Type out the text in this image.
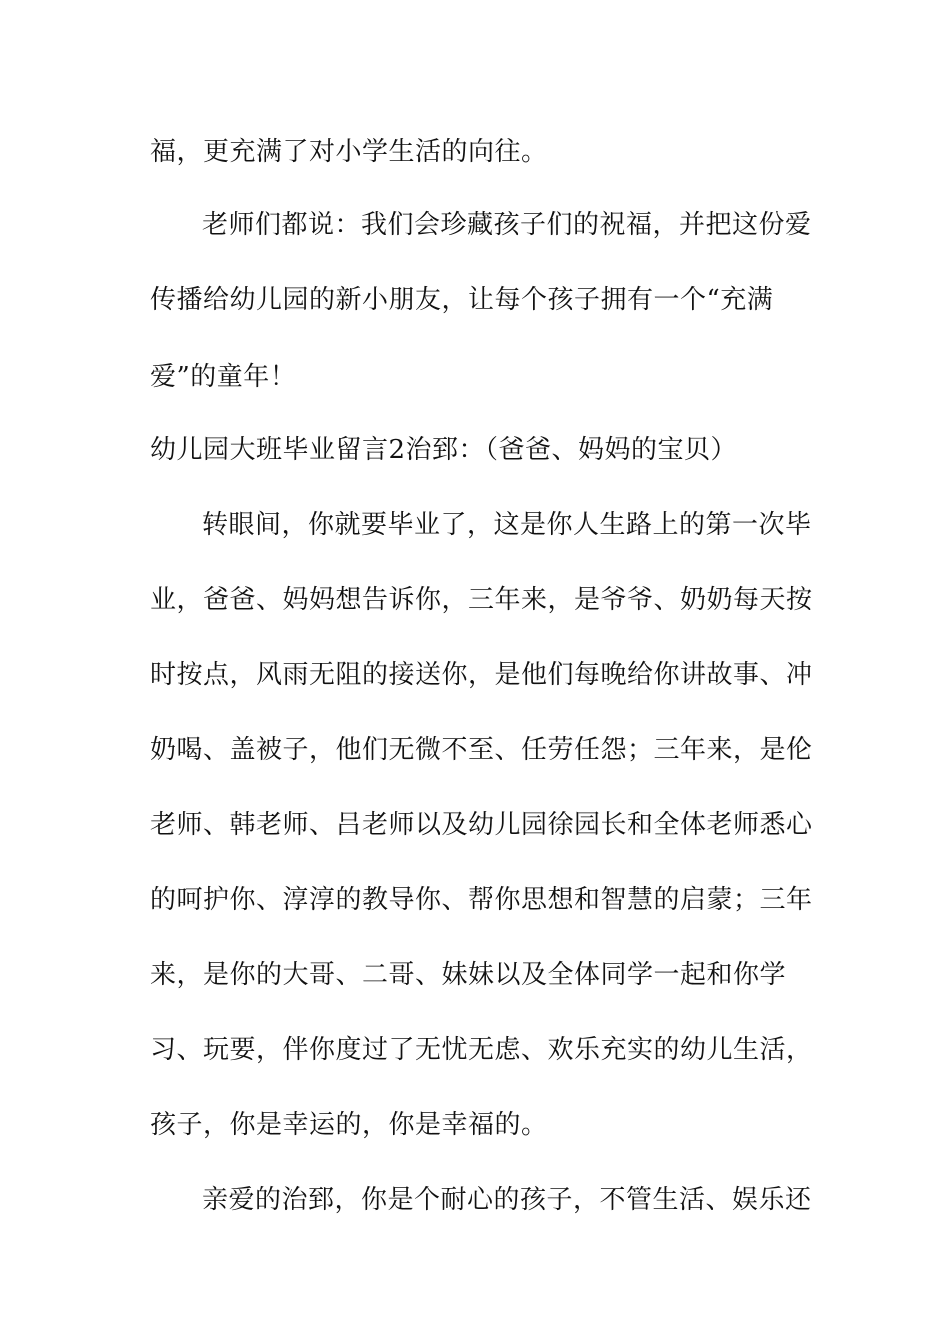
福，更充满了对小学生活的向往。

老师们都说：我们会珍藏孩子们的祝福，并把这份爱

传播给幼儿园的新小朋友，让每个孩子拥有一个“充满

爱”的童年！

幼儿园大班毕业留言2治郅：（爸爸、妈妈的宝贝）

转眼间，你就要毕业了，这是你人生路上的第一次毕

业，爸爸、妈妈想告诉你，三年来，是爷爷、奶奶每天按

时按点，风雨无阻的接送你，是他们每晚给你讲故事、冲

奶喝、盖被子，他们无微不至、任劳任怨；三年来，是伦

老师、韩老师、吕老师以及幼儿园徐园长和全体老师悉心

的呵护你、淳淳的教导你、帮你思想和智慧的启蒙；三年

来，是你的大哥、二哥、妹妹以及全体同学一起和你学

习、玩要，伴你度过了无忧无虑、欢乐充实的幼儿生活，

孩子，你是幸运的，你是幸福的。

亲爱的治郅，你是个耐心的孩子，不管生活、娱乐还
